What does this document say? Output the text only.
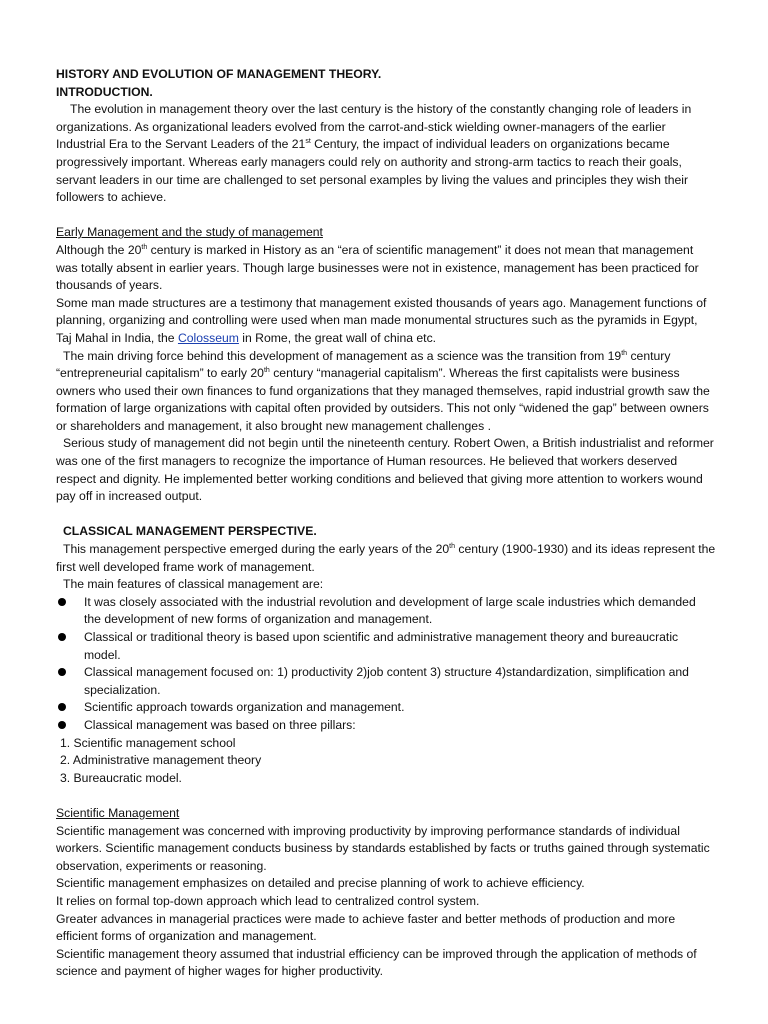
HISTORY AND EVOLUTION OF MANAGEMENT THEORY.

INTRODUCTION.

The evolution in management theory over the last century is the history of the constantly changing role of leaders in organizations. As organizational leaders evolved from the carrot-and-stick wielding owner-managers of the earlier Industrial Era to the Servant Leaders of the 21st Century, the impact of individual leaders on organizations became progressively important. Whereas early managers could rely on authority and strong-arm tactics to reach their goals, servant leaders in our time are challenged to set personal examples by living the values and principles they wish their followers to achieve.

Early Management and the study of management

Although the 20th century is marked in History as an “era of scientific management” it does not mean that management was totally absent in earlier years. Though large businesses were not in existence, management has been practiced for thousands of years.

Some man made structures are a testimony that management existed thousands of years ago. Management functions of planning, organizing and controlling were used when man made monumental structures such as the pyramids in Egypt, Taj Mahal in India, the Colosseum in Rome, the great wall of china etc.

The main driving force behind this development of management as a science was the transition from 19th century “entrepreneurial capitalism” to early 20th century “managerial capitalism”. Whereas the first capitalists were business owners who used their own finances to fund organizations that they managed themselves, rapid industrial growth saw the formation of large organizations with capital often provided by outsiders. This not only “widened the gap” between owners or shareholders and management, it also brought new management challenges .

Serious study of management did not begin until the nineteenth century. Robert Owen, a British industrialist and reformer was one of the first managers to recognize the importance of Human resources. He believed that workers deserved respect and dignity. He implemented better working conditions and believed that giving more attention to workers wound pay off in increased output.

CLASSICAL MANAGEMENT PERSPECTIVE.

This management perspective emerged during the early years of the 20th century (1900-1930) and its ideas represent the first well developed frame work of management.

The main features of classical management are:

It was closely associated with the industrial revolution and development of large scale industries which demanded the development of new forms of organization and management.
Classical or traditional theory is based upon scientific and administrative management theory and bureaucratic model.
Classical management focused on: 1) productivity 2)job content 3) structure 4)standardization, simplification and specialization.
Scientific approach towards organization and management.
Classical management was based on three pillars:
1. Scientific management school
2. Administrative management theory
3. Bureaucratic model.

Scientific Management

Scientific management was concerned with improving productivity by improving performance standards of individual workers. Scientific management conducts business by standards established by facts or truths gained through systematic observation, experiments or reasoning.

Scientific management emphasizes on detailed and precise planning of work to achieve efficiency.

It relies on formal top-down approach which lead to centralized control system.

Greater advances in managerial practices were made to achieve faster and better methods of production and more efficient forms of organization and management.

Scientific management theory assumed that industrial efficiency can be improved through the application of methods of science and payment of higher wages for higher productivity.
